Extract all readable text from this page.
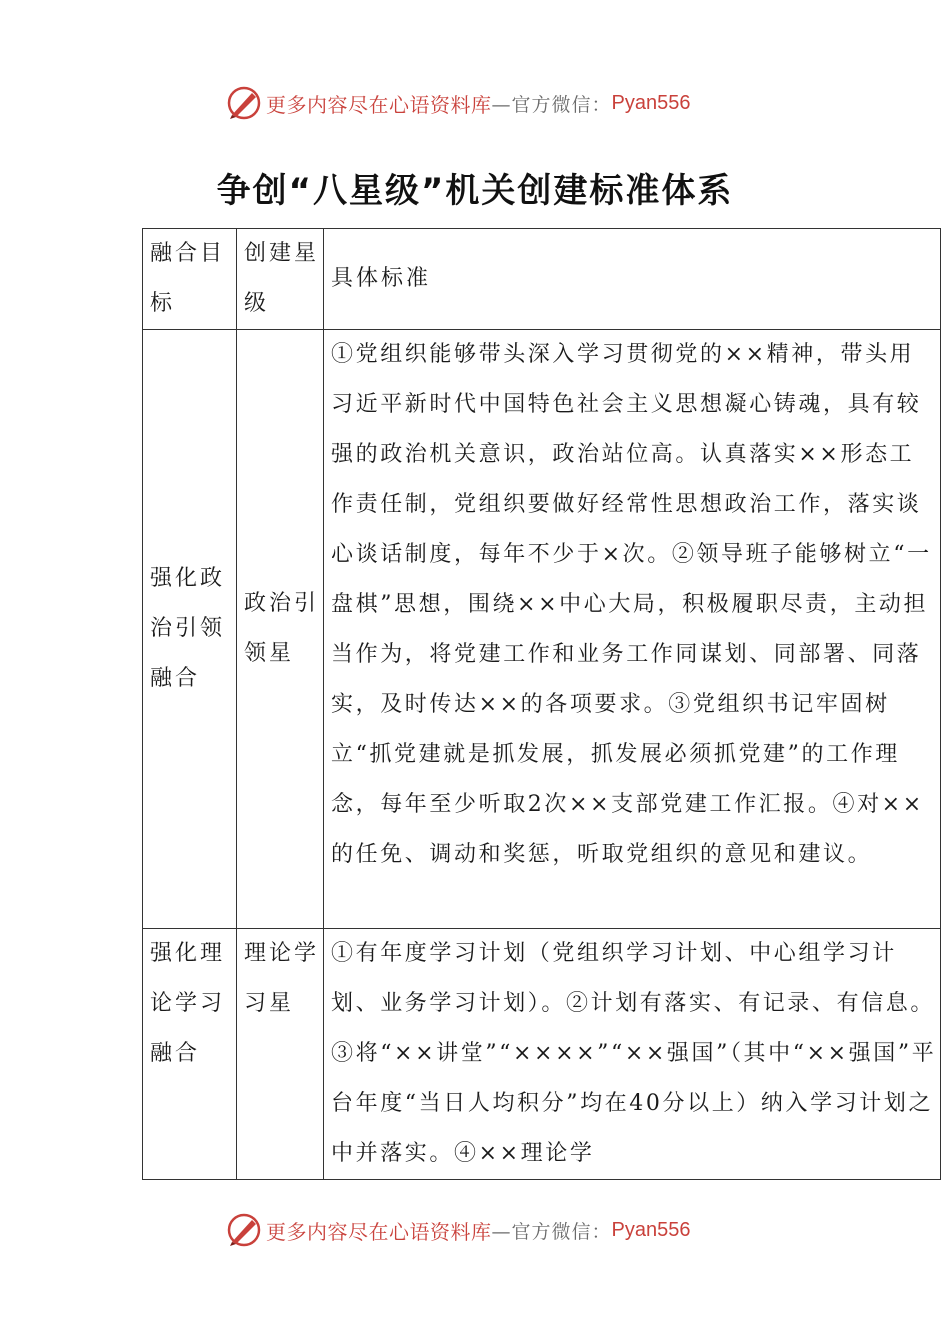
更多内容尽在心语资料库 —官方微信： Pyan556
争创“八星级”机关创建标准体系
融合目标	创建星级	具体标准
强化政治引领融合	政治引领星	①党组织能够带头深入学习贯彻党的××精神，带头用习近平新时代中国特色社会主义思想凝心铸魂，具有较强的政治机关意识，政治站位高。认真落实××形态工作责任制，党组织要做好经常性思想政治工作，落实谈心谈话制度，每年不少于×次。②领导班子能够树立“一盘棋”思想，围绕××中心大局，积极履职尽责，主动担当作为，将党建工作和业务工作同谋划、同部署、同落实，及时传达××的各项要求。③党组织书记牢固树立“抓党建就是抓发展，抓发展必须抓党建”的工作理念，每年至少听取2次××支部党建工作汇报。④对××的任免、调动和奖惩，听取党组织的意见和建议。
强化理论学习融合	理论学习星	①有年度学习计划（党组织学习计划、中心组学习计划、业务学习计划）。②计划有落实、有记录、有信息。③将“××讲堂”“××××”“××强国”（其中“××强国”平台年度“当日人均积分”均在40分以上）纳入学习计划之中并落实。④××理论学
更多内容尽在心语资料库 —官方微信： Pyan556
